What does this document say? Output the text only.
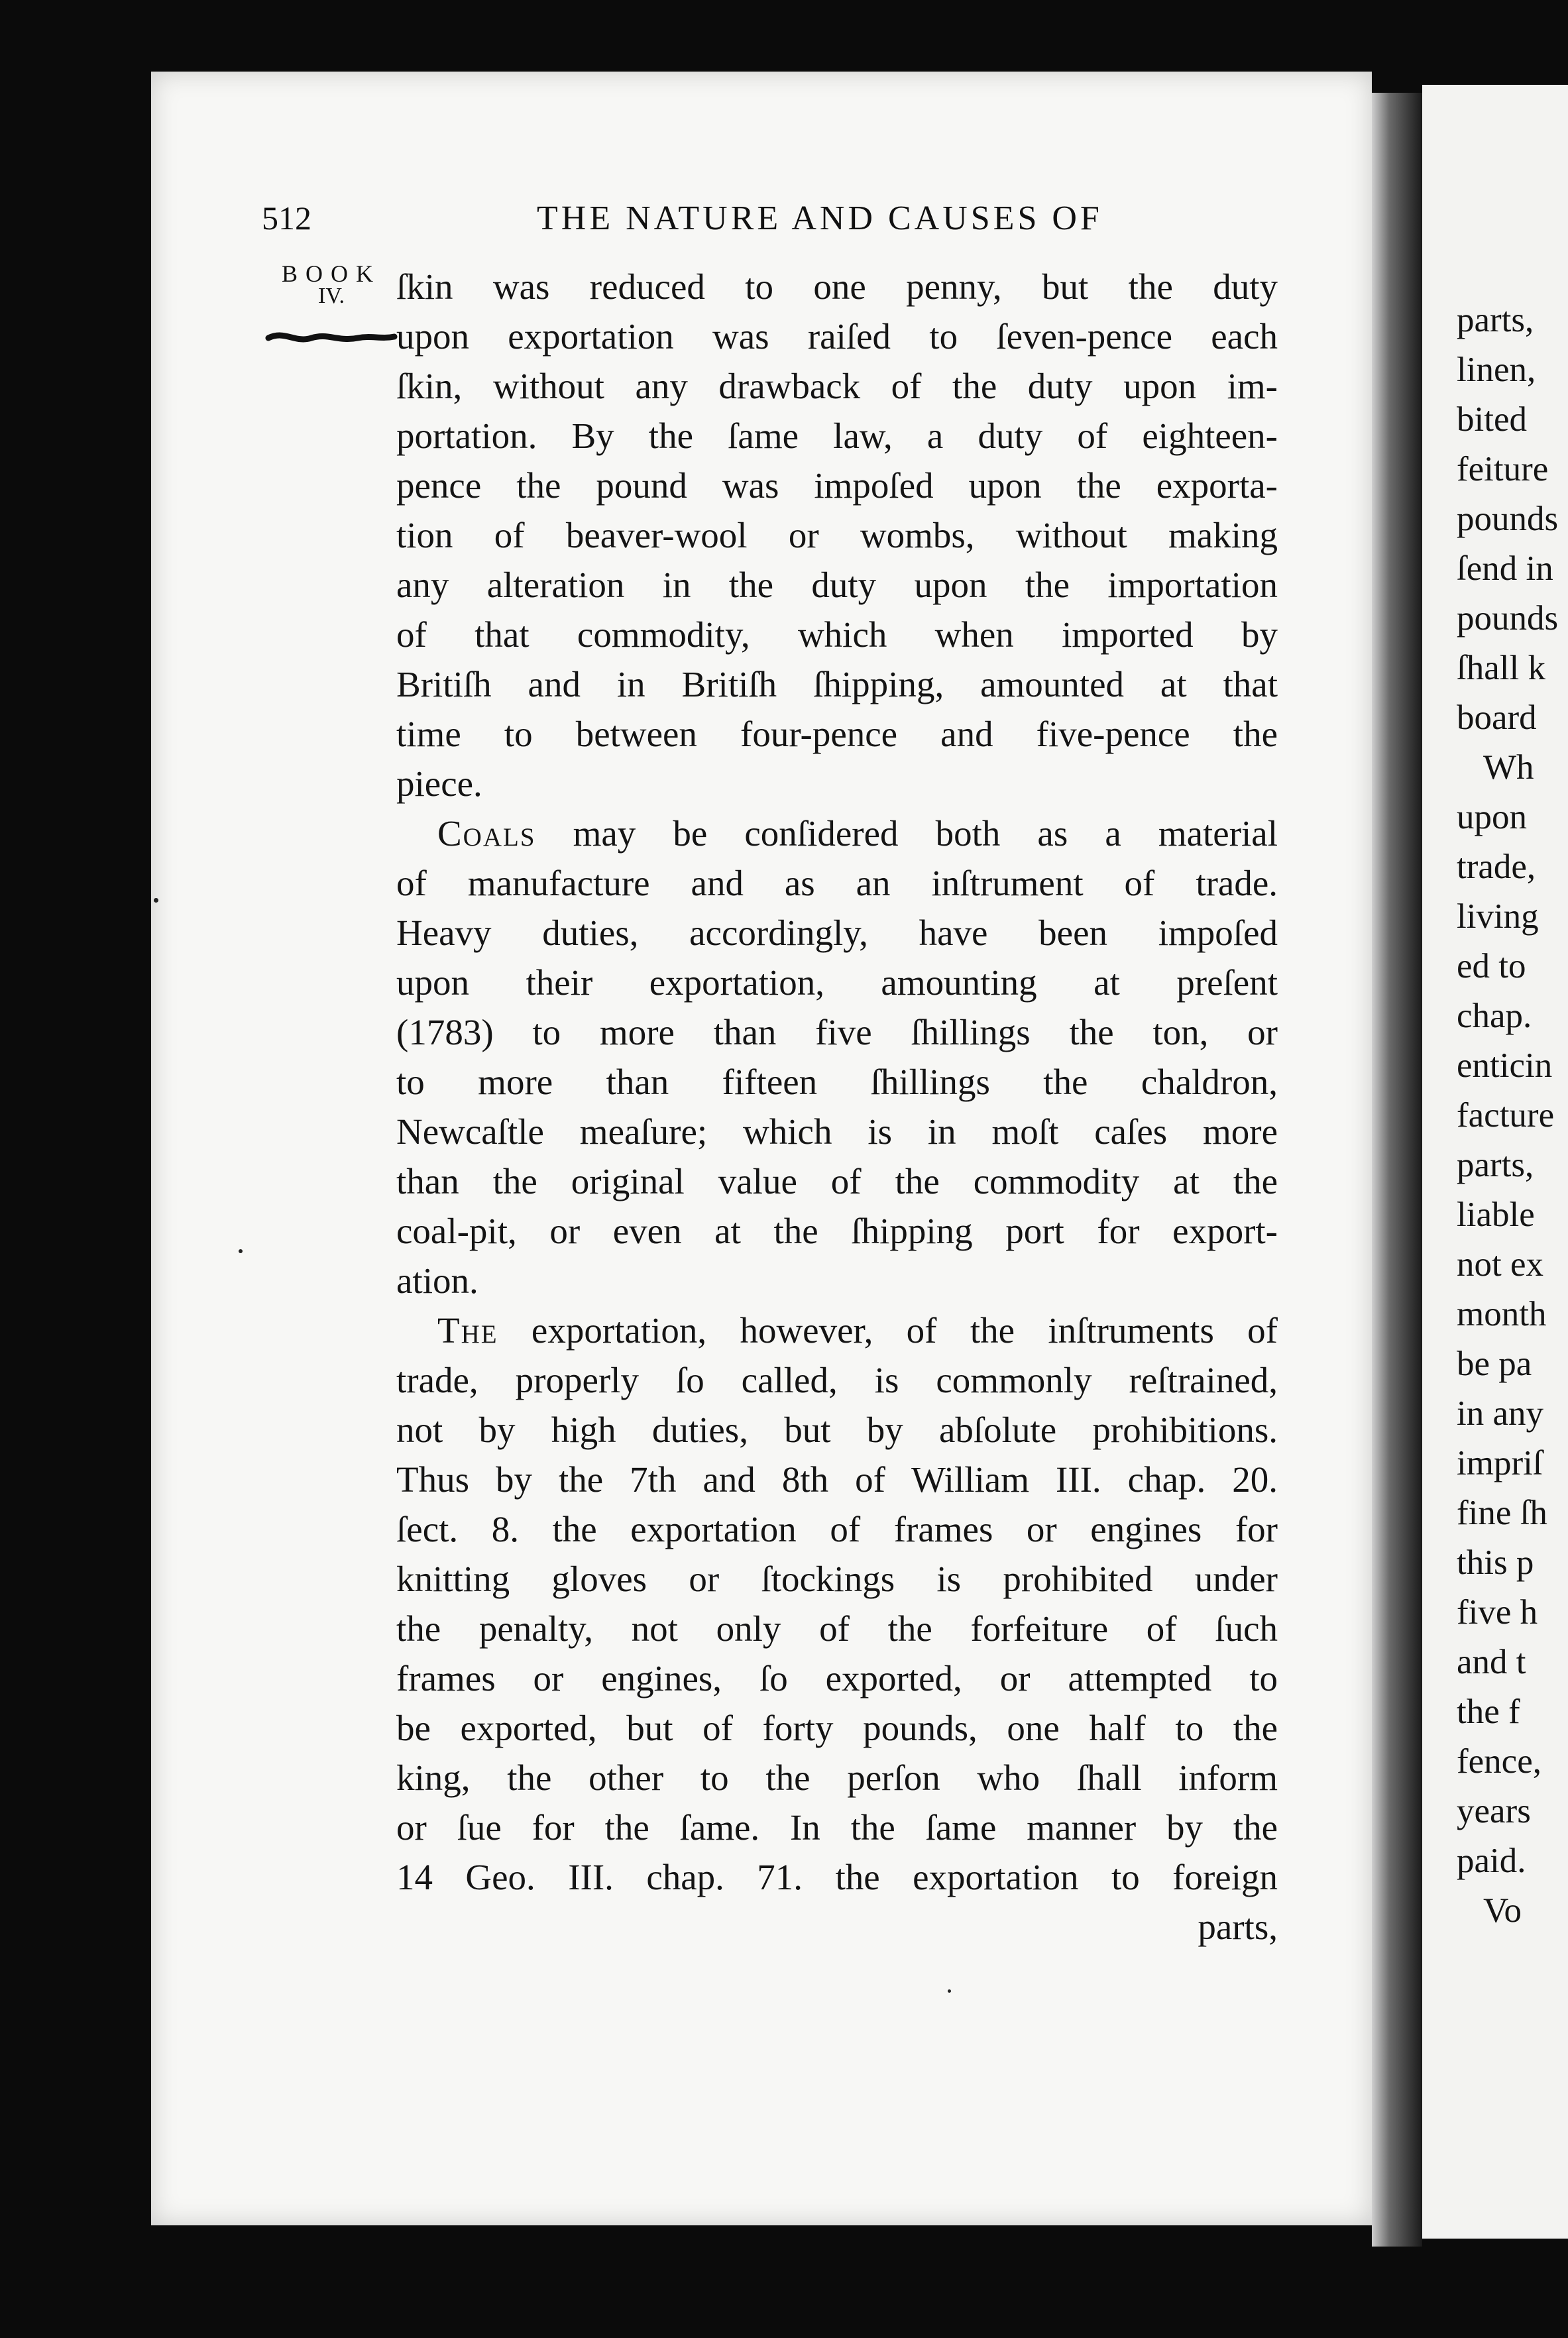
parts,
linen,
bited
feiture
pounds
ſend in
pounds
ſhall k
board
Wh
upon
trade,
living
ed to
chap.
enticin
facture
parts,
liable
not ex
month
be pa
in any
impriſ
fine ſh
this p
five h
and t
the f
fence,
years
paid.
Vo
512	THE NATURE AND CAUSES OF
BOOK
IV.	ſkin was reduced to one penny, but the duty
upon exportation was raiſed to ſeven-pence each
ſkin, without any drawback of the duty upon im-
portation. By the ſame law, a duty of eighteen-
pence the pound was impoſed upon the exporta-
tion of beaver-wool or wombs, without making
any alteration in the duty upon the importation
of that commodity, which when imported by
Britiſh and in Britiſh ſhipping, amounted at that
time to between four-pence and five-pence the
piece.
Coals may be conſidered both as a material
of manufacture and as an inſtrument of trade.
Heavy duties, accordingly, have been impoſed
upon their exportation, amounting at preſent
(1783) to more than five ſhillings the ton, or
to more than fifteen ſhillings the chaldron,
Newcaſtle meaſure; which is in moſt caſes more
than the original value of the commodity at the
coal-pit, or even at the ſhipping port for export-
ation.
The exportation, however, of the inſtruments of
trade, properly ſo called, is commonly reſtrained,
not by high duties, but by abſolute prohibitions.
Thus by the 7th and 8th of William III. chap. 20.
ſect. 8. the exportation of frames or engines for
knitting gloves or ſtockings is prohibited under
the penalty, not only of the forfeiture of ſuch
frames or engines, ſo exported, or attempted to
be exported, but of forty pounds, one half to the
king, the other to the perſon who ſhall inform
or ſue for the ſame. In the ſame manner by the
14 Geo. III. chap. 71. the exportation to foreign
parts,
